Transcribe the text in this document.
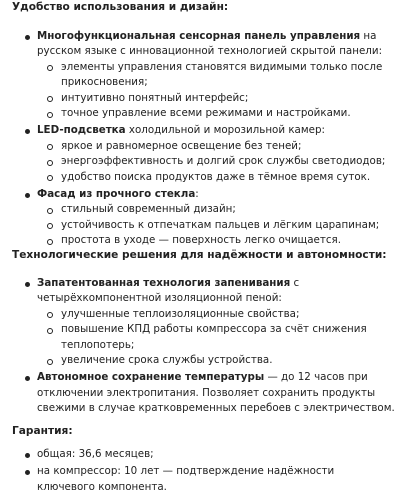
Удобство использования и дизайн:
Многофункциональная сенсорная панель управления на русском языке с инновационной технологией скрытой панели:
элементы управления становятся видимыми только после прикосновения;
интуитивно понятный интерфейс;
точное управление всеми режимами и настройками.
LED-подсветка холодильной и морозильной камер:
яркое и равномерное освещение без теней;
энергоэффективность и долгий срок службы светодиодов;
удобство поиска продуктов даже в тёмное время суток.
Фасад из прочного стекла:
стильный современный дизайн;
устойчивость к отпечаткам пальцев и лёгким царапинам;
простота в уходе — поверхность легко очищается.
Технологические решения для надёжности и автономности:
Запатентованная технология запенивания с четырёхкомпонентной изоляционной пеной:
улучшенные теплоизоляционные свойства;
повышение КПД работы компрессора за счёт снижения теплопотерь;
увеличение срока службы устройства.
Автономное сохранение температуры — до 12 часов при отключении электропитания. Позволяет сохранить продукты свежими в случае кратковременных перебоев с электричеством.
Гарантия:
общая: 36,6 месяцев;
на компрессор: 10 лет — подтверждение надёжности ключевого компонента.
